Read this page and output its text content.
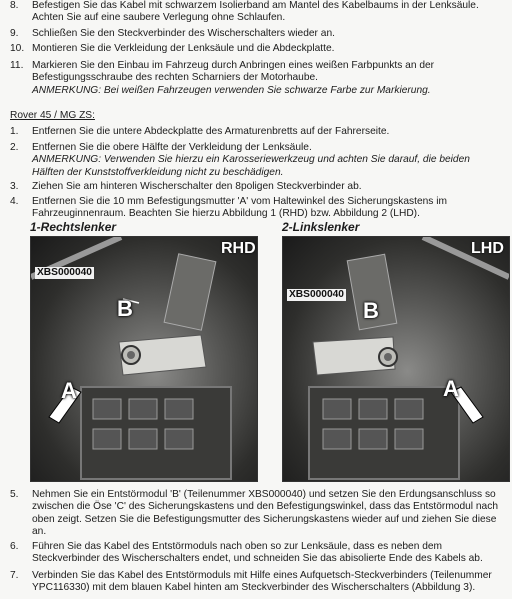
8.	Befestigen Sie das Kabel mit schwarzem Isolierband am Mantel des Kabelbaums in der Lenksäule.
Achten Sie auf eine saubere Verlegung ohne Schlaufen.
9.	Schließen Sie den Steckverbinder des Wischerschalters wieder an.
10. Montieren Sie die Verkleidung der Lenksäule und die Abdeckplatte.
11. Markieren Sie den Einbau im Fahrzeug durch Anbringen eines weißen Farbpunkts an der
Befestigungsschraube des rechten Scharniers der Motorhaube.
ANMERKUNG: Bei weißen Fahrzeugen verwenden Sie schwarze Farbe zur Markierung.
Rover 45 / MG ZS:
1.	Entfernen Sie die untere Abdeckplatte des Armaturenbretts auf der Fahrerseite.
2.	Entfernen Sie die obere Hälfte der Verkleidung der Lenksäule.
ANMERKUNG: Verwenden Sie hierzu ein Karosseriewerkzeug und achten Sie darauf, die beiden
Hälften der Kunststoffverkleidung nicht zu beschädigen.
3.	Ziehen Sie am hinteren Wischerschalter den 8poligen Steckverbinder ab.
4.	Entfernen Sie die 10 mm Befestigungsmutter 'A' vom Haltewinkel des Sicherungskastens im
Fahrzeuginnenraum. Beachten Sie hierzu Abbildung 1 (RHD) bzw. Abbildung 2 (LHD).
1-Rechtslenker	2-Linkslenker
RHD
XBS000040
B
A
LHD
XBS000040
B
A
5.	Nehmen Sie ein Entstörmodul 'B' (Teilenummer XBS000040) und setzen Sie den Erdungsanschluss so
zwischen die Öse 'C' des Sicherungskastens und den Befestigungswinkel, dass das Entstörmodul nach
oben zeigt. Setzen Sie die Befestigungsmutter des Sicherungskastens wieder auf und ziehen Sie diese
an.
6.	Führen Sie das Kabel des Entstörmoduls nach oben so zur Lenksäule, dass es neben dem
Steckverbinder des Wischerschalters endet, und schneiden Sie das abisolierte Ende des Kabels ab.
7.	Verbinden Sie das Kabel des Entstörmoduls mit Hilfe eines Aufquetsch-Steckverbinders (Teilenummer
YPC116330) mit dem blauen Kabel hinten am Steckverbinder des Wischerschalters (Abbildung 3).
